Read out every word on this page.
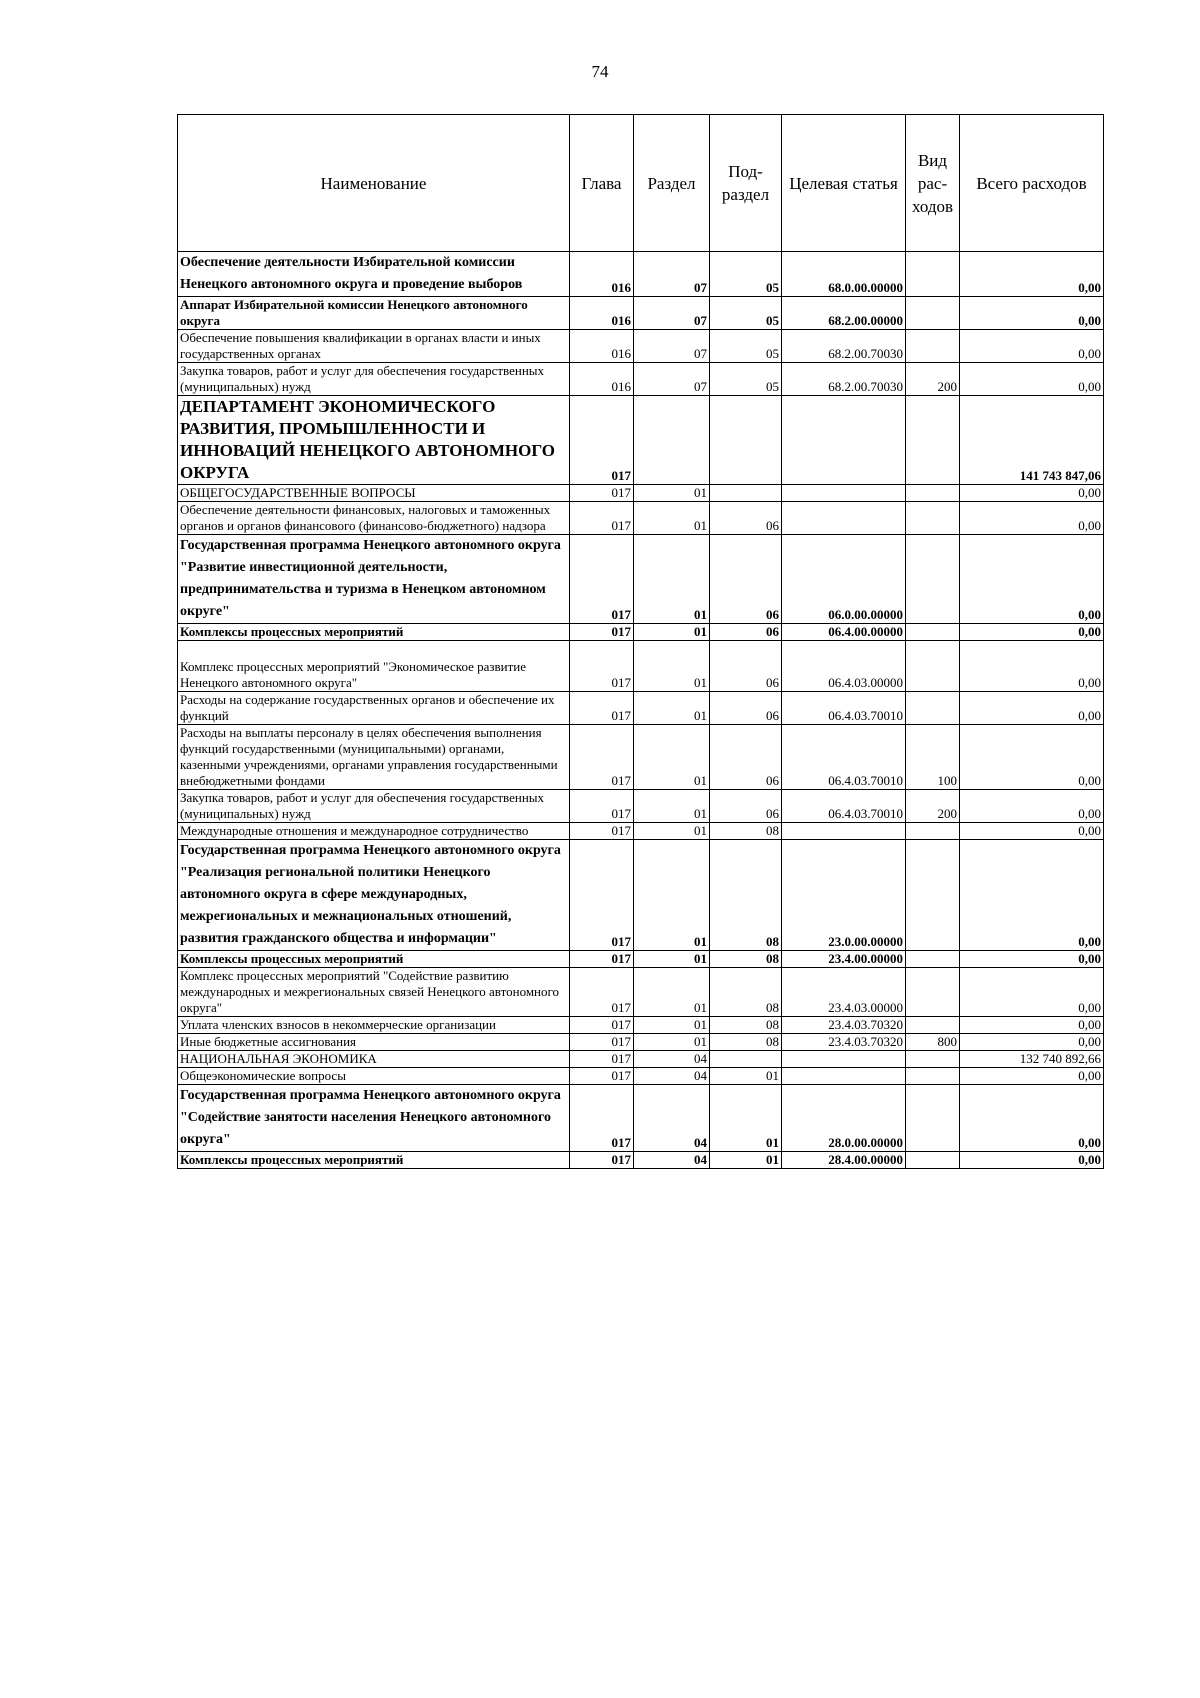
74
Наименование	Глава	Раздел	Под-раздел	Целевая статья	Вид рас-ходов	Всего расходов
Обеспечение деятельности Избирательной комиссии Ненецкого автономного округа и проведение выборов	016	07	05	68.0.00.00000		0,00
Аппарат Избирательной комиссии Ненецкого автономного округа	016	07	05	68.2.00.00000		0,00
Обеспечение повышения квалификации в органах власти и иных государственных органах	016	07	05	68.2.00.70030		0,00
Закупка товаров, работ и услуг для обеспечения государственных (муниципальных) нужд	016	07	05	68.2.00.70030	200	0,00
ДЕПАРТАМЕНТ ЭКОНОМИЧЕСКОГО РАЗВИТИЯ, ПРОМЫШЛЕННОСТИ И ИННОВАЦИЙ НЕНЕЦКОГО АВТОНОМНОГО ОКРУГА	017					141 743 847,06
ОБЩЕГОСУДАРСТВЕННЫЕ ВОПРОСЫ	017	01				0,00
Обеспечение деятельности финансовых, налоговых и таможенных органов и органов финансового (финансово-бюджетного) надзора	017	01	06			0,00
Государственная программа Ненецкого автономного округа "Развитие инвестиционной деятельности, предпринимательства и туризма в Ненецком автономном округе"	017	01	06	06.0.00.00000		0,00
Комплексы процессных мероприятий	017	01	06	06.4.00.00000		0,00
Комплекс процессных мероприятий "Экономическое развитие Ненецкого автономного округа"	017	01	06	06.4.03.00000		0,00
Расходы на содержание государственных органов и обеспечение их функций	017	01	06	06.4.03.70010		0,00
Расходы на выплаты персоналу в целях обеспечения выполнения функций государственными (муниципальными) органами, казенными учреждениями, органами управления государственными внебюджетными фондами	017	01	06	06.4.03.70010	100	0,00
Закупка товаров, работ и услуг для обеспечения государственных (муниципальных) нужд	017	01	06	06.4.03.70010	200	0,00
Международные отношения и международное сотрудничество	017	01	08			0,00
Государственная программа Ненецкого автономного округа "Реализация региональной политики Ненецкого автономного округа в сфере международных, межрегиональных и межнациональных отношений, развития гражданского общества и информации"	017	01	08	23.0.00.00000		0,00
Комплексы процессных мероприятий	017	01	08	23.4.00.00000		0,00
Комплекс процессных мероприятий "Содействие развитию международных и межрегиональных связей Ненецкого автономного округа"	017	01	08	23.4.03.00000		0,00
Уплата членских взносов в некоммерческие организации	017	01	08	23.4.03.70320		0,00
Иные бюджетные ассигнования	017	01	08	23.4.03.70320	800	0,00
НАЦИОНАЛЬНАЯ ЭКОНОМИКА	017	04				132 740 892,66
Общеэкономические вопросы	017	04	01			0,00
Государственная программа Ненецкого автономного округа "Содействие занятости населения Ненецкого автономного округа"	017	04	01	28.0.00.00000		0,00
Комплексы процессных мероприятий	017	04	01	28.4.00.00000		0,00
